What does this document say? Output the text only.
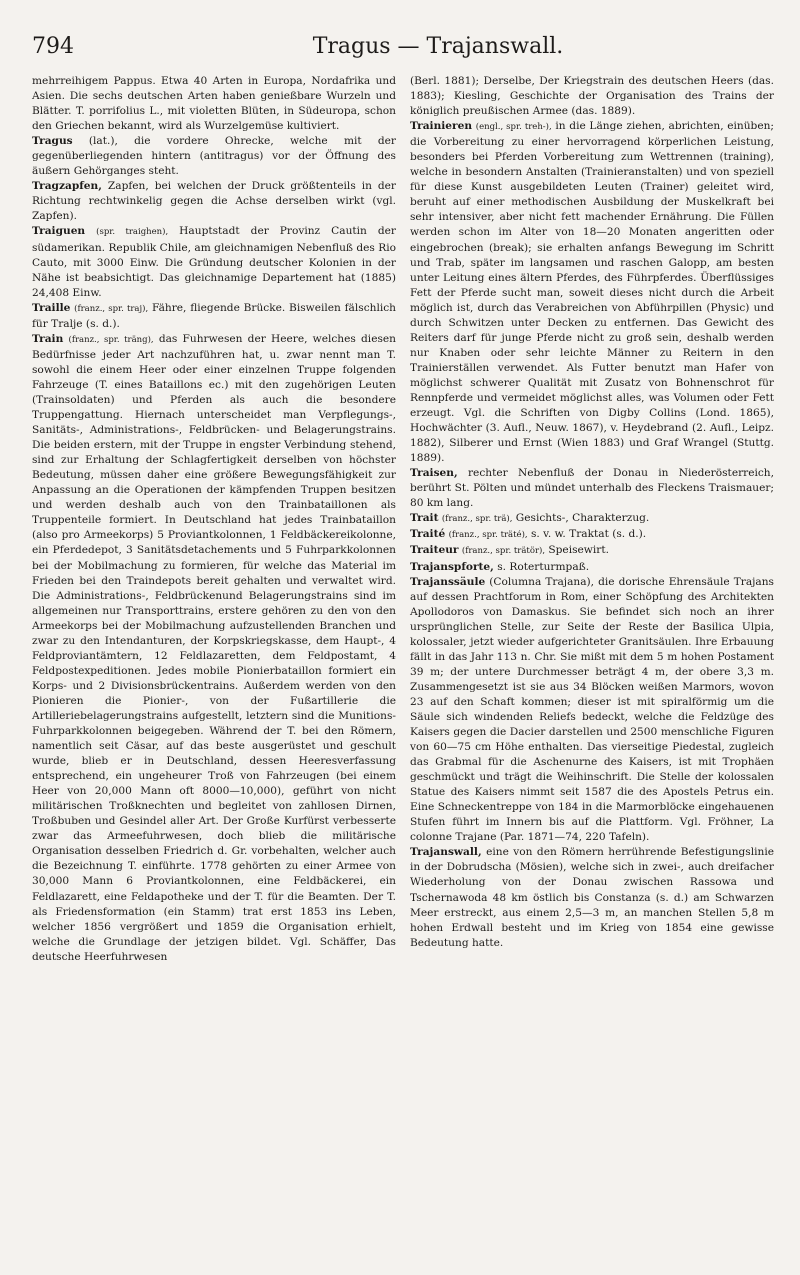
794	Tragus — Trajanswall.

mehrreihigem Pappus. Etwa 40 Arten in Europa, Nordafrika und Asien. Die sechs deutschen Arten haben genießbare Wurzeln und Blätter. T. porrifolius L., mit violetten Blüten, in Südeuropa, schon den Griechen bekannt, wird als Wurzelgemüse kultiviert.

Tragus (lat.), die vordere Ohrecke, welche mit der gegenüberliegenden hintern (antitragus) vor der Öffnung des äußern Gehörganges steht.

Tragzapfen, Zapfen, bei welchen der Druck größtenteils in der Richtung rechtwinkelig gegen die Achse derselben wirkt (vgl. Zapfen).

Traiguen (spr. traighen), Hauptstadt der Provinz Cautin der südamerikan. Republik Chile, am gleichnamigen Nebenfluß des Rio Cauto, mit 3000 Einw. Die Gründung deutscher Kolonien in der Nähe ist beabsichtigt. Das gleichnamige Departement hat (1885) 24,408 Einw.

Traille (franz., spr. traj), Fähre, fliegende Brücke. Bisweilen fälschlich für Tralje (s. d.).

Train (franz., spr. träng), das Fuhrwesen der Heere, welches diesen Bedürfnisse jeder Art nachzuführen hat, u. zwar nennt man T. sowohl die einem Heer oder einer einzelnen Truppe folgenden Fahrzeuge (T. eines Bataillons ec.) mit den zugehörigen Leuten (Trainsoldaten) und Pferden als auch die besondere Truppengattung. Hiernach unterscheidet man Verpflegungs-, Sanitäts-, Administrations-, Feldbrücken- und Belagerungstrains. Die beiden erstern, mit der Truppe in engster Verbindung stehend, sind zur Erhaltung der Schlagfertigkeit derselben von höchster Bedeutung, müssen daher eine größere Bewegungsfähigkeit zur Anpassung an die Operationen der kämpfenden Truppen besitzen und werden deshalb auch von den Trainbataillonen als Truppenteile formiert. In Deutschland hat jedes Trainbataillon (also pro Armeekorps) 5 Proviantkolonnen, 1 Feldbäckereikolonne, ein Pferdedepot, 3 Sanitätsdetachements und 5 Fuhrparkkolonnen bei der Mobilmachung zu formieren, für welche das Material im Frieden bei den Traindepots bereit gehalten und verwaltet wird. Die Administrations-, Feldbrückenund Belagerungstrains sind im allgemeinen nur Transporttrains, erstere gehören zu den von den Armeekorps bei der Mobilmachung aufzustellenden Branchen und zwar zu den Intendanturen, der Korpskriegskasse, dem Haupt-, 4 Feldproviantämtern, 12 Feldlazaretten, dem Feldpostamt, 4 Feldpostexpeditionen. Jedes mobile Pionierbataillon formiert ein Korps- und 2 Divisionsbrückentrains. Außerdem werden von den Pionieren die Pionier-, von der Fußartillerie die Artilleriebelagerungstrains aufgestellt, letztern sind die Munitions- Fuhrparkkolonnen beigegeben. Während der T. bei den Römern, namentlich seit Cäsar, auf das beste ausgerüstet und geschult wurde, blieb er in Deutschland, dessen Heeresverfassung entsprechend, ein ungeheurer Troß von Fahrzeugen (bei einem Heer von 20,000 Mann oft 8000—10,000), geführt von nicht militärischen Troßknechten und begleitet von zahllosen Dirnen, Troßbuben und Gesindel aller Art. Der Große Kurfürst verbesserte zwar das Armeefuhrwesen, doch blieb die militärische Organisation desselben Friedrich d. Gr. vorbehalten, welcher auch die Bezeichnung T. einführte. 1778 gehörten zu einer Armee von 30,000 Mann 6 Proviantkolonnen, eine Feldbäckerei, ein Feldlazarett, eine Feldapotheke und der T. für die Beamten. Der T. als Friedensformation (ein Stamm) trat erst 1853 ins Leben, welcher 1856 vergrößert und 1859 die Organisation erhielt, welche die Grundlage der jetzigen bildet. Vgl. Schäffer, Das deutsche Heerfuhrwesen

(Berl. 1881); Derselbe, Der Kriegstrain des deutschen Heers (das. 1883); Kiesling, Geschichte der Organisation des Trains der königlich preußischen Armee (das. 1889).

Trainieren (engl., spr. treh-), in die Länge ziehen, abrichten, einüben; die Vorbereitung zu einer hervorragend körperlichen Leistung, besonders bei Pferden Vorbereitung zum Wettrennen (training), welche in besondern Anstalten (Trainieranstalten) und von speziell für diese Kunst ausgebildeten Leuten (Trainer) geleitet wird, beruht auf einer methodischen Ausbildung der Muskelkraft bei sehr intensiver, aber nicht fett machender Ernährung. Die Füllen werden schon im Alter von 18—20 Monaten angeritten oder eingebrochen (break); sie erhalten anfangs Bewegung im Schritt und Trab, später im langsamen und raschen Galopp, am besten unter Leitung eines ältern Pferdes, des Führpferdes. Überflüssiges Fett der Pferde sucht man, soweit dieses nicht durch die Arbeit möglich ist, durch das Verabreichen von Abführpillen (Physic) und durch Schwitzen unter Decken zu entfernen. Das Gewicht des Reiters darf für junge Pferde nicht zu groß sein, deshalb werden nur Knaben oder sehr leichte Männer zu Reitern in den Trainierställen verwendet. Als Futter benutzt man Hafer von möglichst schwerer Qualität mit Zusatz von Bohnenschrot für Rennpferde und vermeidet möglichst alles, was Volumen oder Fett erzeugt. Vgl. die Schriften von Digby Collins (Lond. 1865), Hochwächter (3. Aufl., Neuw. 1867), v. Heydebrand (2. Aufl., Leipz. 1882), Silberer und Ernst (Wien 1883) und Graf Wrangel (Stuttg. 1889).

Traisen, rechter Nebenfluß der Donau in Niederösterreich, berührt St. Pölten und mündet unterhalb des Fleckens Traismauer; 80 km lang.

Trait (franz., spr. trä), Gesichts-, Charakterzug.

Traité (franz., spr. träté), s. v. w. Traktat (s. d.).

Traiteur (franz., spr. trätör), Speisewirt.

Trajanspforte, s. Roterturmpaß.

Trajanssäule (Columna Trajana), die dorische Ehrensäule Trajans auf dessen Prachtforum in Rom, einer Schöpfung des Architekten Apollodoros von Damaskus. Sie befindet sich noch an ihrer ursprünglichen Stelle, zur Seite der Reste der Basilica Ulpia, kolossaler, jetzt wieder aufgerichteter Granitsäulen. Ihre Erbauung fällt in das Jahr 113 n. Chr. Sie mißt mit dem 5 m hohen Postament 39 m; der untere Durchmesser beträgt 4 m, der obere 3,3 m. Zusammengesetzt ist sie aus 34 Blöcken weißen Marmors, wovon 23 auf den Schaft kommen; dieser ist mit spiralförmig um die Säule sich windenden Reliefs bedeckt, welche die Feldzüge des Kaisers gegen die Dacier darstellen und 2500 menschliche Figuren von 60—75 cm Höhe enthalten. Das vierseitige Piedestal, zugleich das Grabmal für die Aschenurne des Kaisers, ist mit Trophäen geschmückt und trägt die Weihinschrift. Die Stelle der kolossalen Statue des Kaisers nimmt seit 1587 die des Apostels Petrus ein. Eine Schneckentreppe von 184 in die Marmorblöcke eingehauenen Stufen führt im Innern bis auf die Plattform. Vgl. Fröhner, La colonne Trajane (Par. 1871—74, 220 Tafeln).

Trajanswall, eine von den Römern herrührende Befestigungslinie in der Dobrudscha (Mösien), welche sich in zwei-, auch dreifacher Wiederholung von der Donau zwischen Rassowa und Tschernawoda 48 km östlich bis Constanza (s. d.) am Schwarzen Meer erstreckt, aus einem 2,5—3 m, an manchen Stellen 5,8 m hohen Erdwall besteht und im Krieg von 1854 eine gewisse Bedeutung hatte.
